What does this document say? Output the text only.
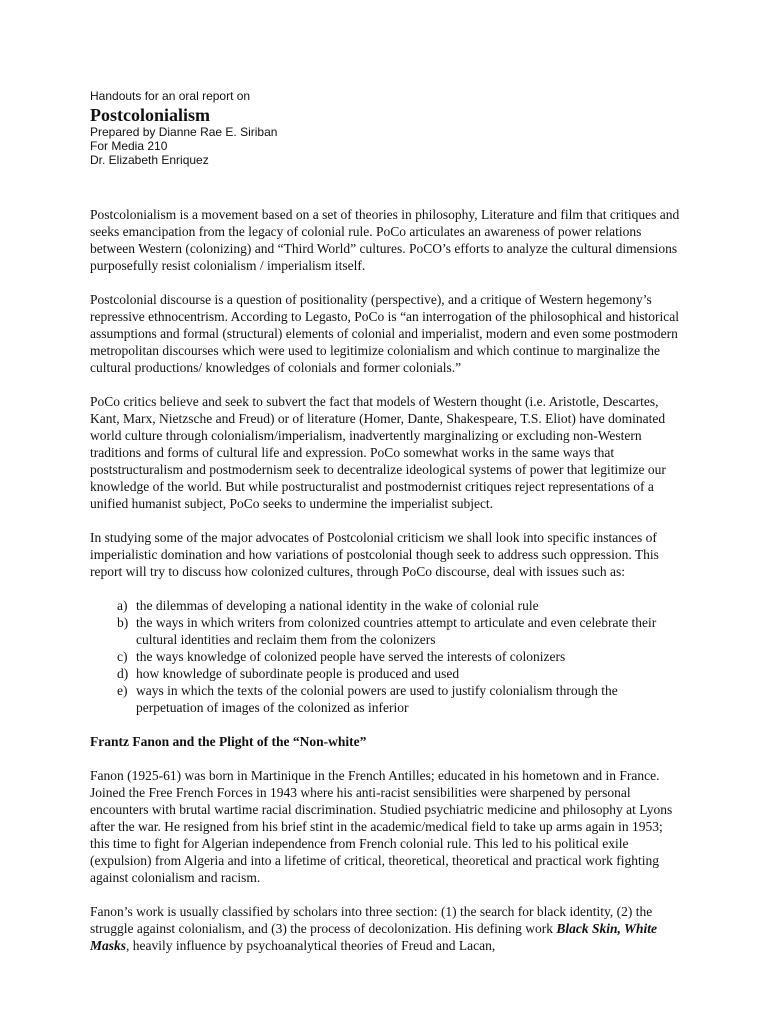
Handouts for an oral report on
Postcolonialism
Prepared by Dianne Rae E. Siriban
For Media 210
Dr. Elizabeth Enriquez

Postcolonialism is a movement based on a set of theories in philosophy, Literature and film that critiques and seeks emancipation from the legacy of colonial rule. PoCo articulates an awareness of power relations between Western (colonizing) and “Third World” cultures. PoCO’s efforts to analyze the cultural dimensions purposefully resist colonialism / imperialism itself.

Postcolonial discourse is a question of positionality (perspective), and a critique of Western hegemony’s repressive ethnocentrism. According to Legasto, PoCo is “an interrogation of the philosophical and historical assumptions and formal (structural) elements of colonial and imperialist, modern and even some postmodern metropolitan discourses which were used to legitimize colonialism and which continue to marginalize the cultural productions/ knowledges of colonials and former colonials.”

PoCo critics believe and seek to subvert the fact that models of Western thought (i.e. Aristotle, Descartes, Kant, Marx, Nietzsche and Freud) or of literature (Homer, Dante, Shakespeare, T.S. Eliot) have dominated world culture through colonialism/imperialism, inadvertently marginalizing or excluding non-Western traditions and forms of cultural life and expression. PoCo somewhat works in the same ways that poststructuralism and postmodernism seek to decentralize ideological systems of power that legitimize our knowledge of the world. But while postructuralist and postmodernist critiques reject representations of a unified humanist subject, PoCo seeks to undermine the imperialist subject.

In studying some of the major advocates of Postcolonial criticism we shall look into specific instances of imperialistic domination and how variations of postcolonial though seek to address such oppression. This report will try to discuss how colonized cultures, through PoCo discourse, deal with issues such as:

a) the dilemmas of developing a national identity in the wake of colonial rule
b) the ways in which writers from colonized countries attempt to articulate and even celebrate their cultural identities and reclaim them from the colonizers
c) the ways knowledge of colonized people have served the interests of colonizers
d) how knowledge of subordinate people is produced and used
e) ways in which the texts of the colonial powers are used to justify colonialism through the perpetuation of images of the colonized as inferior
Frantz Fanon and the Plight of the “Non-white”

Fanon (1925-61) was born in Martinique in the French Antilles; educated in his hometown and in France. Joined the Free French Forces in 1943 where his anti-racist sensibilities were sharpened by personal encounters with brutal wartime racial discrimination. Studied psychiatric medicine and philosophy at Lyons after the war. He resigned from his brief stint in the academic/medical field to take up arms again in 1953; this time to fight for Algerian independence from French colonial rule. This led to his political exile (expulsion) from Algeria and into a lifetime of critical, theoretical, theoretical and practical work fighting against colonialism and racism.

Fanon’s work is usually classified by scholars into three section: (1) the search for black identity, (2) the struggle against colonialism, and (3) the process of decolonization. His defining work Black Skin, White Masks, heavily influence by psychoanalytical theories of Freud and Lacan,
